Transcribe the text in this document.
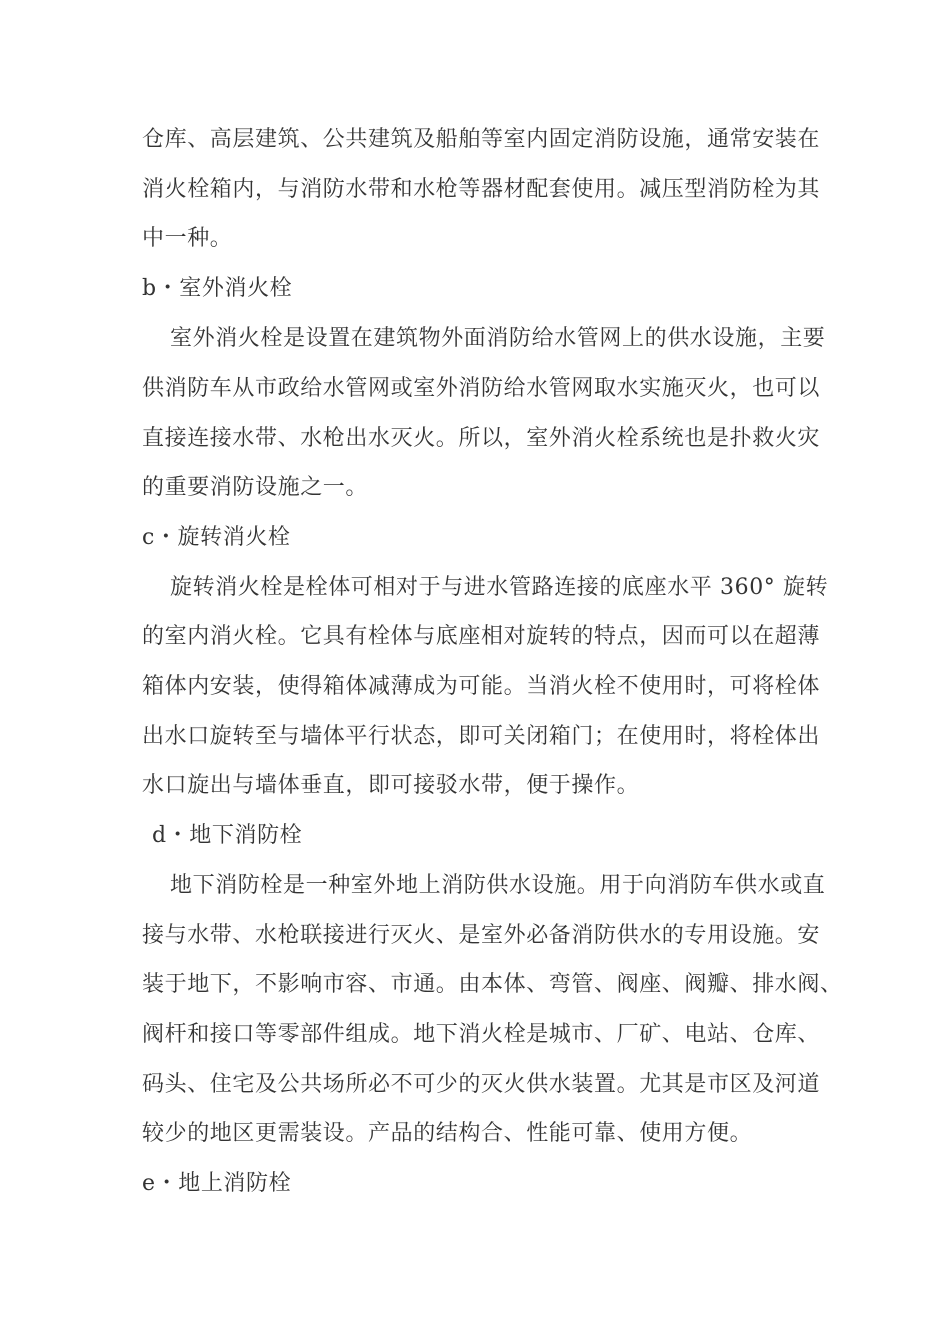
仓库、高层建筑、公共建筑及船舶等室内固定消防设施，通常安装在
消火栓箱内，与消防水带和水枪等器材配套使用。减压型消防栓为其
中一种。
b・室外消火栓
室外消火栓是设置在建筑物外面消防给水管网上的供水设施，主要
供消防车从市政给水管网或室外消防给水管网取水实施灭火，也可以
直接连接水带、水枪出水灭火。所以，室外消火栓系统也是扑救火灾
的重要消防设施之一。
c・旋转消火栓
旋转消火栓是栓体可相对于与进水管路连接的底座水平 360° 旋转
的室内消火栓。它具有栓体与底座相对旋转的特点，因而可以在超薄
箱体内安装，使得箱体减薄成为可能。当消火栓不使用时，可将栓体
出水口旋转至与墙体平行状态，即可关闭箱门；在使用时，将栓体出
水口旋出与墙体垂直，即可接驳水带，便于操作。
d・地下消防栓
地下消防栓是一种室外地上消防供水设施。用于向消防车供水或直
接与水带、水枪联接进行灭火、是室外必备消防供水的专用设施。安
装于地下，不影响市容、市通。由本体、弯管、阀座、阀瓣、排水阀、
阀杆和接口等零部件组成。地下消火栓是城市、厂矿、电站、仓库、
码头、住宅及公共场所必不可少的灭火供水装置。尤其是市区及河道
较少的地区更需装设。产品的结构合、性能可靠、使用方便。
e・地上消防栓
